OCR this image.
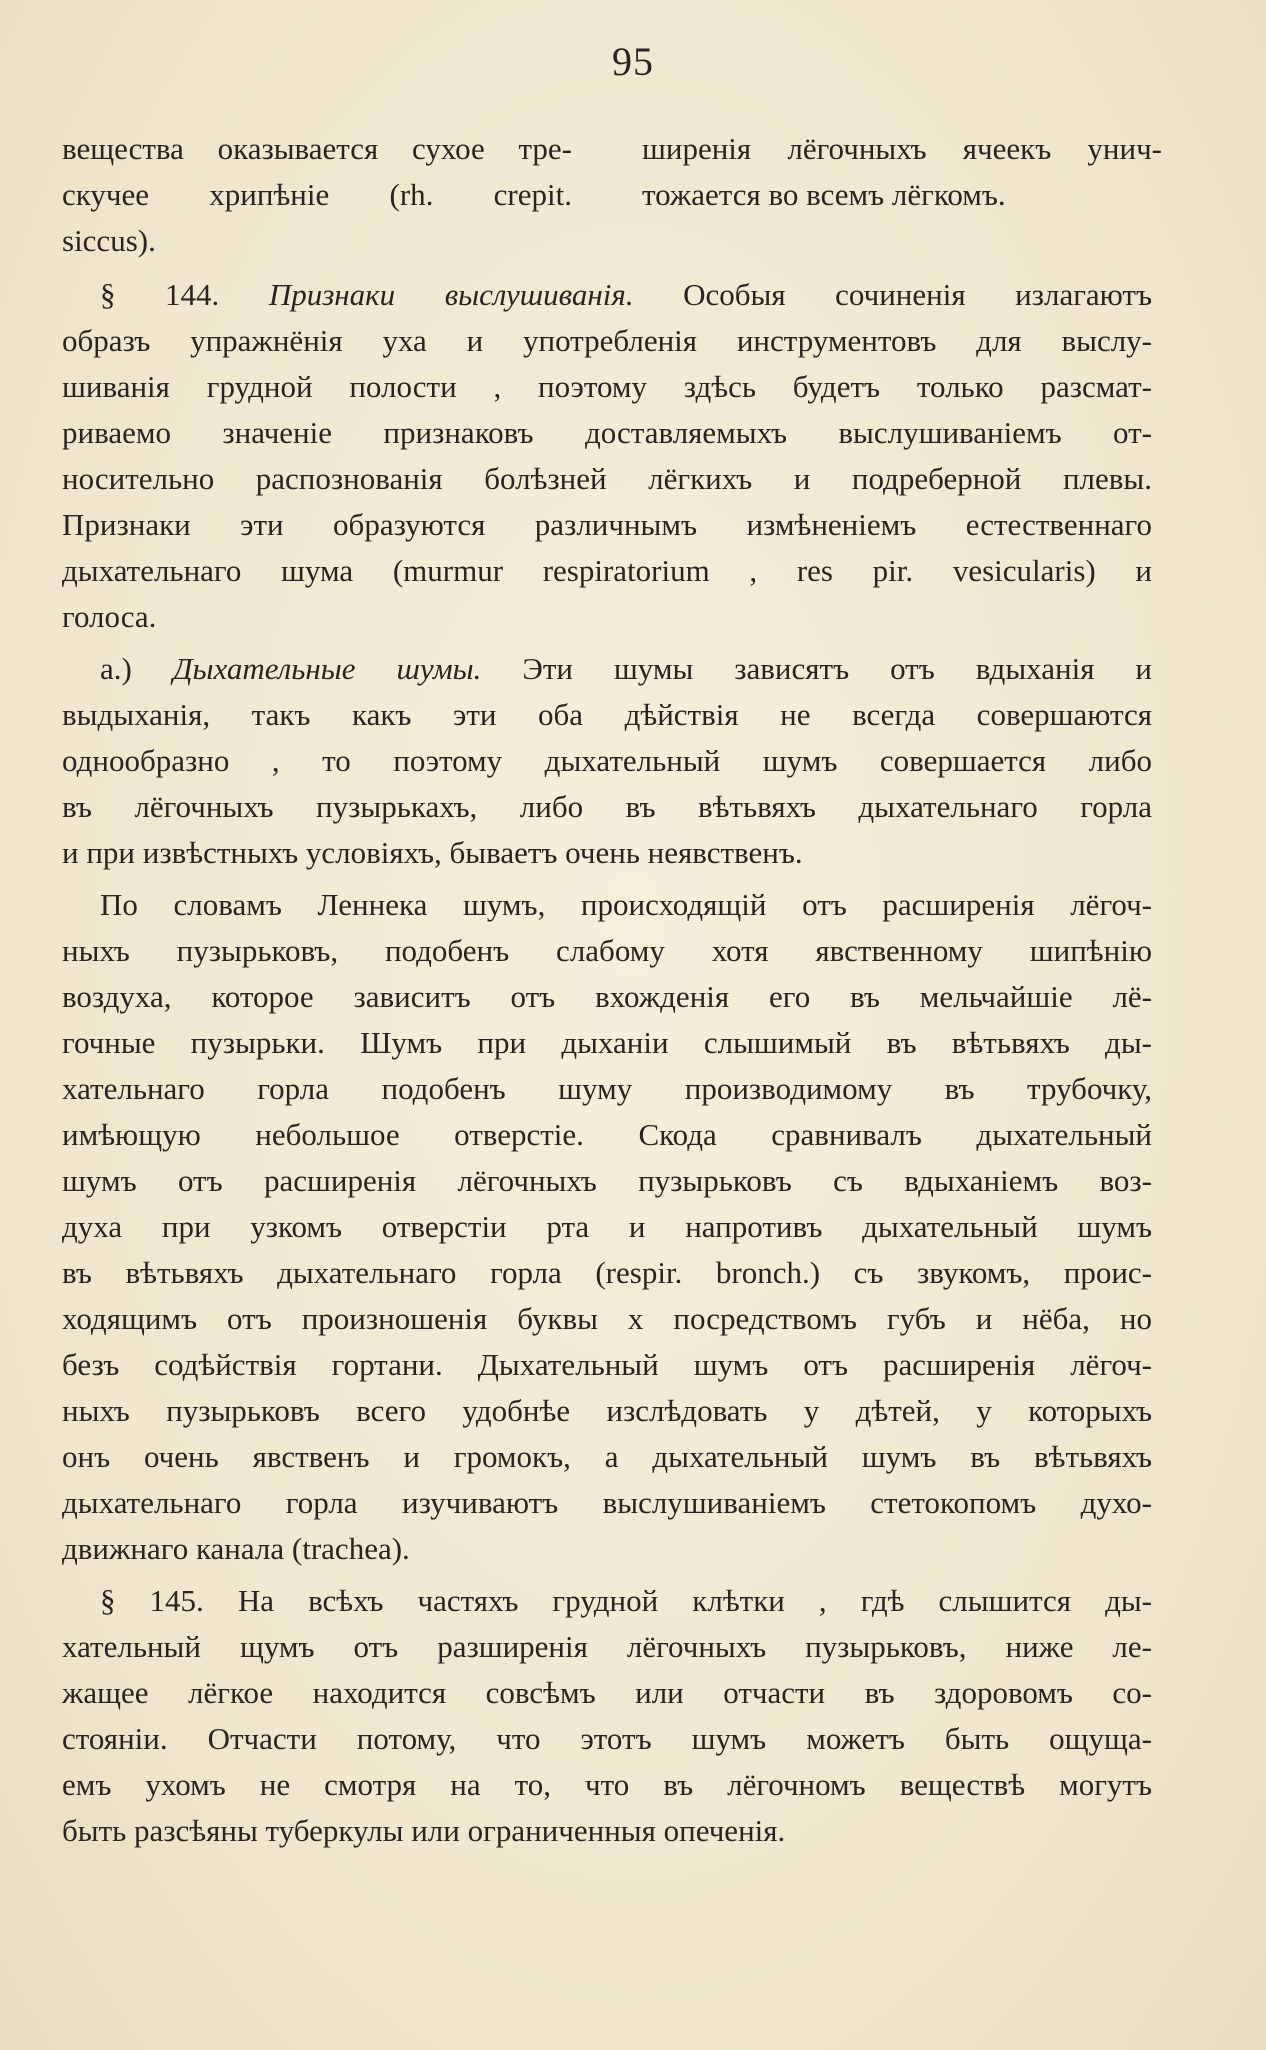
95
вещества оказывается сухое тре-
скучее хрипѣніе (rh. crepit.
siccus).
ширенія лёгочныхъ ячеекъ унич-
тожается во всемъ лёгкомъ.
§ 144. Признаки выслушиванія. Особыя сочиненія излагаютъ
образъ упражнёнія уха и употребленія инструментовъ для выслу-
шиванія грудной полости , поэтому здѣсь будетъ только разсмат-
риваемо значеніе признаковъ доставляемыхъ выслушиваніемъ от-
носительно распознованія болѣзней лёгкихъ и подреберной плевы.
Признаки эти образуются различнымъ измѣненіемъ естественнаго
дыхательнаго шума (murmur respiratorium , res pir. vesicularis) и
голоса.
а.) Дыхательные шумы. Эти шумы зависятъ отъ вдыханія и
выдыханія, такъ какъ эти оба дѣйствія не всегда совершаются
однообразно , то поэтому дыхательный шумъ совершается либо
въ лёгочныхъ пузырькахъ, либо въ вѣтьвяхъ дыхательнаго горла
и при извѣстныхъ условіяхъ, бываетъ очень неявственъ.
По словамъ Леннека шумъ, происходящій отъ расширенія лёгоч-
ныхъ пузырьковъ, подобенъ слабому хотя явственному шипѣнію
воздуха, которое зависитъ отъ вхожденія его въ мельчайшіе лё-
гочные пузырьки. Шумъ при дыханіи слышимый въ вѣтьвяхъ ды-
хательнаго горла подобенъ шуму производимому въ трубочку,
имѣющую небольшое отверстіе. Скода сравнивалъ дыхательный
шумъ отъ расширенія лёгочныхъ пузырьковъ съ вдыханіемъ воз-
духа при узкомъ отверстіи рта и напротивъ дыхательный шумъ
въ вѣтьвяхъ дыхательнаго горла (respir. bronch.) съ звукомъ, проис-
ходящимъ отъ произношенія буквы х посредствомъ губъ и нёба, но
безъ содѣйствія гортани. Дыхательный шумъ отъ расширенія лёгоч-
ныхъ пузырьковъ всего удобнѣе изслѣдовать у дѣтей, у которыхъ
онъ очень явственъ и громокъ, а дыхательный шумъ въ вѣтьвяхъ
дыхательнаго горла изучиваютъ выслушиваніемъ стетокопомъ духо-
движнаго канала (trachea).
§ 145. На всѣхъ частяхъ грудной клѣтки , гдѣ слышится ды-
хательный щумъ отъ разширенія лёгочныхъ пузырьковъ, ниже ле-
жащее лёгкое находится совсѣмъ или отчасти въ здоровомъ со-
стояніи. Отчасти потому, что этотъ шумъ можетъ быть ощуща-
емъ ухомъ не смотря на то, что въ лёгочномъ веществѣ могутъ
быть разсѣяны туберкулы или ограниченныя опеченія.
